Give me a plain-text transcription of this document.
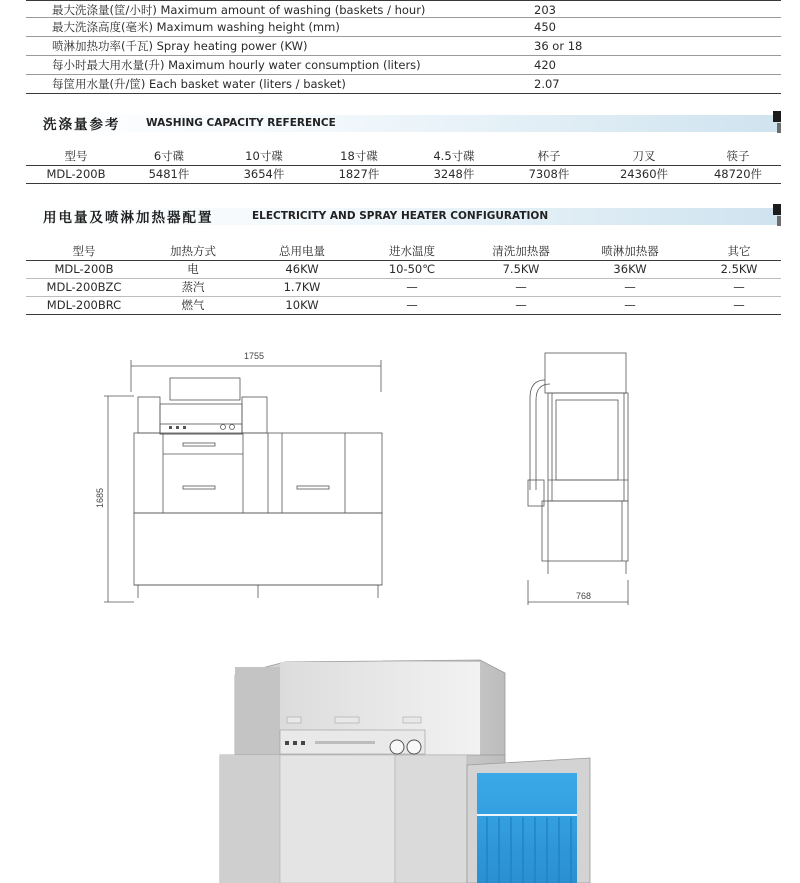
最大洗涤量(筐/小时) Maximum amount of washing (baskets / hour)	203
最大洗涤高度(毫米) Maximum washing height (mm)	450
喷淋加热功率(千瓦) Spray heating power (KW)	36 or 18
每小时最大用水量(升) Maximum hourly water consumption (liters)	420
每筐用水量(升/筐) Each basket water (liters / basket)	2.07
洗涤量参考 WASHING CAPACITY REFERENCE
型号	6寸碟	10寸碟	18寸碟	4.5寸碟	杯子	刀叉	筷子
MDL-200B	5481件	3654件	1827件	3248件	7308件	24360件	48720件
用电量及喷淋加热器配置	ELECTRICITY AND SPRAY HEATER CONFIGURATION
型号	加热方式	总用电量	进水温度	清洗加热器	喷淋加热器	其它
MDL-200B	电	46KW	10-50℃	7.5KW	36KW	2.5KW
MDL-200BZC	蒸汽	1.7KW	—	—	—	—
MDL-200BRC	燃气	10KW	—	—	—	—
1755
1685
768
